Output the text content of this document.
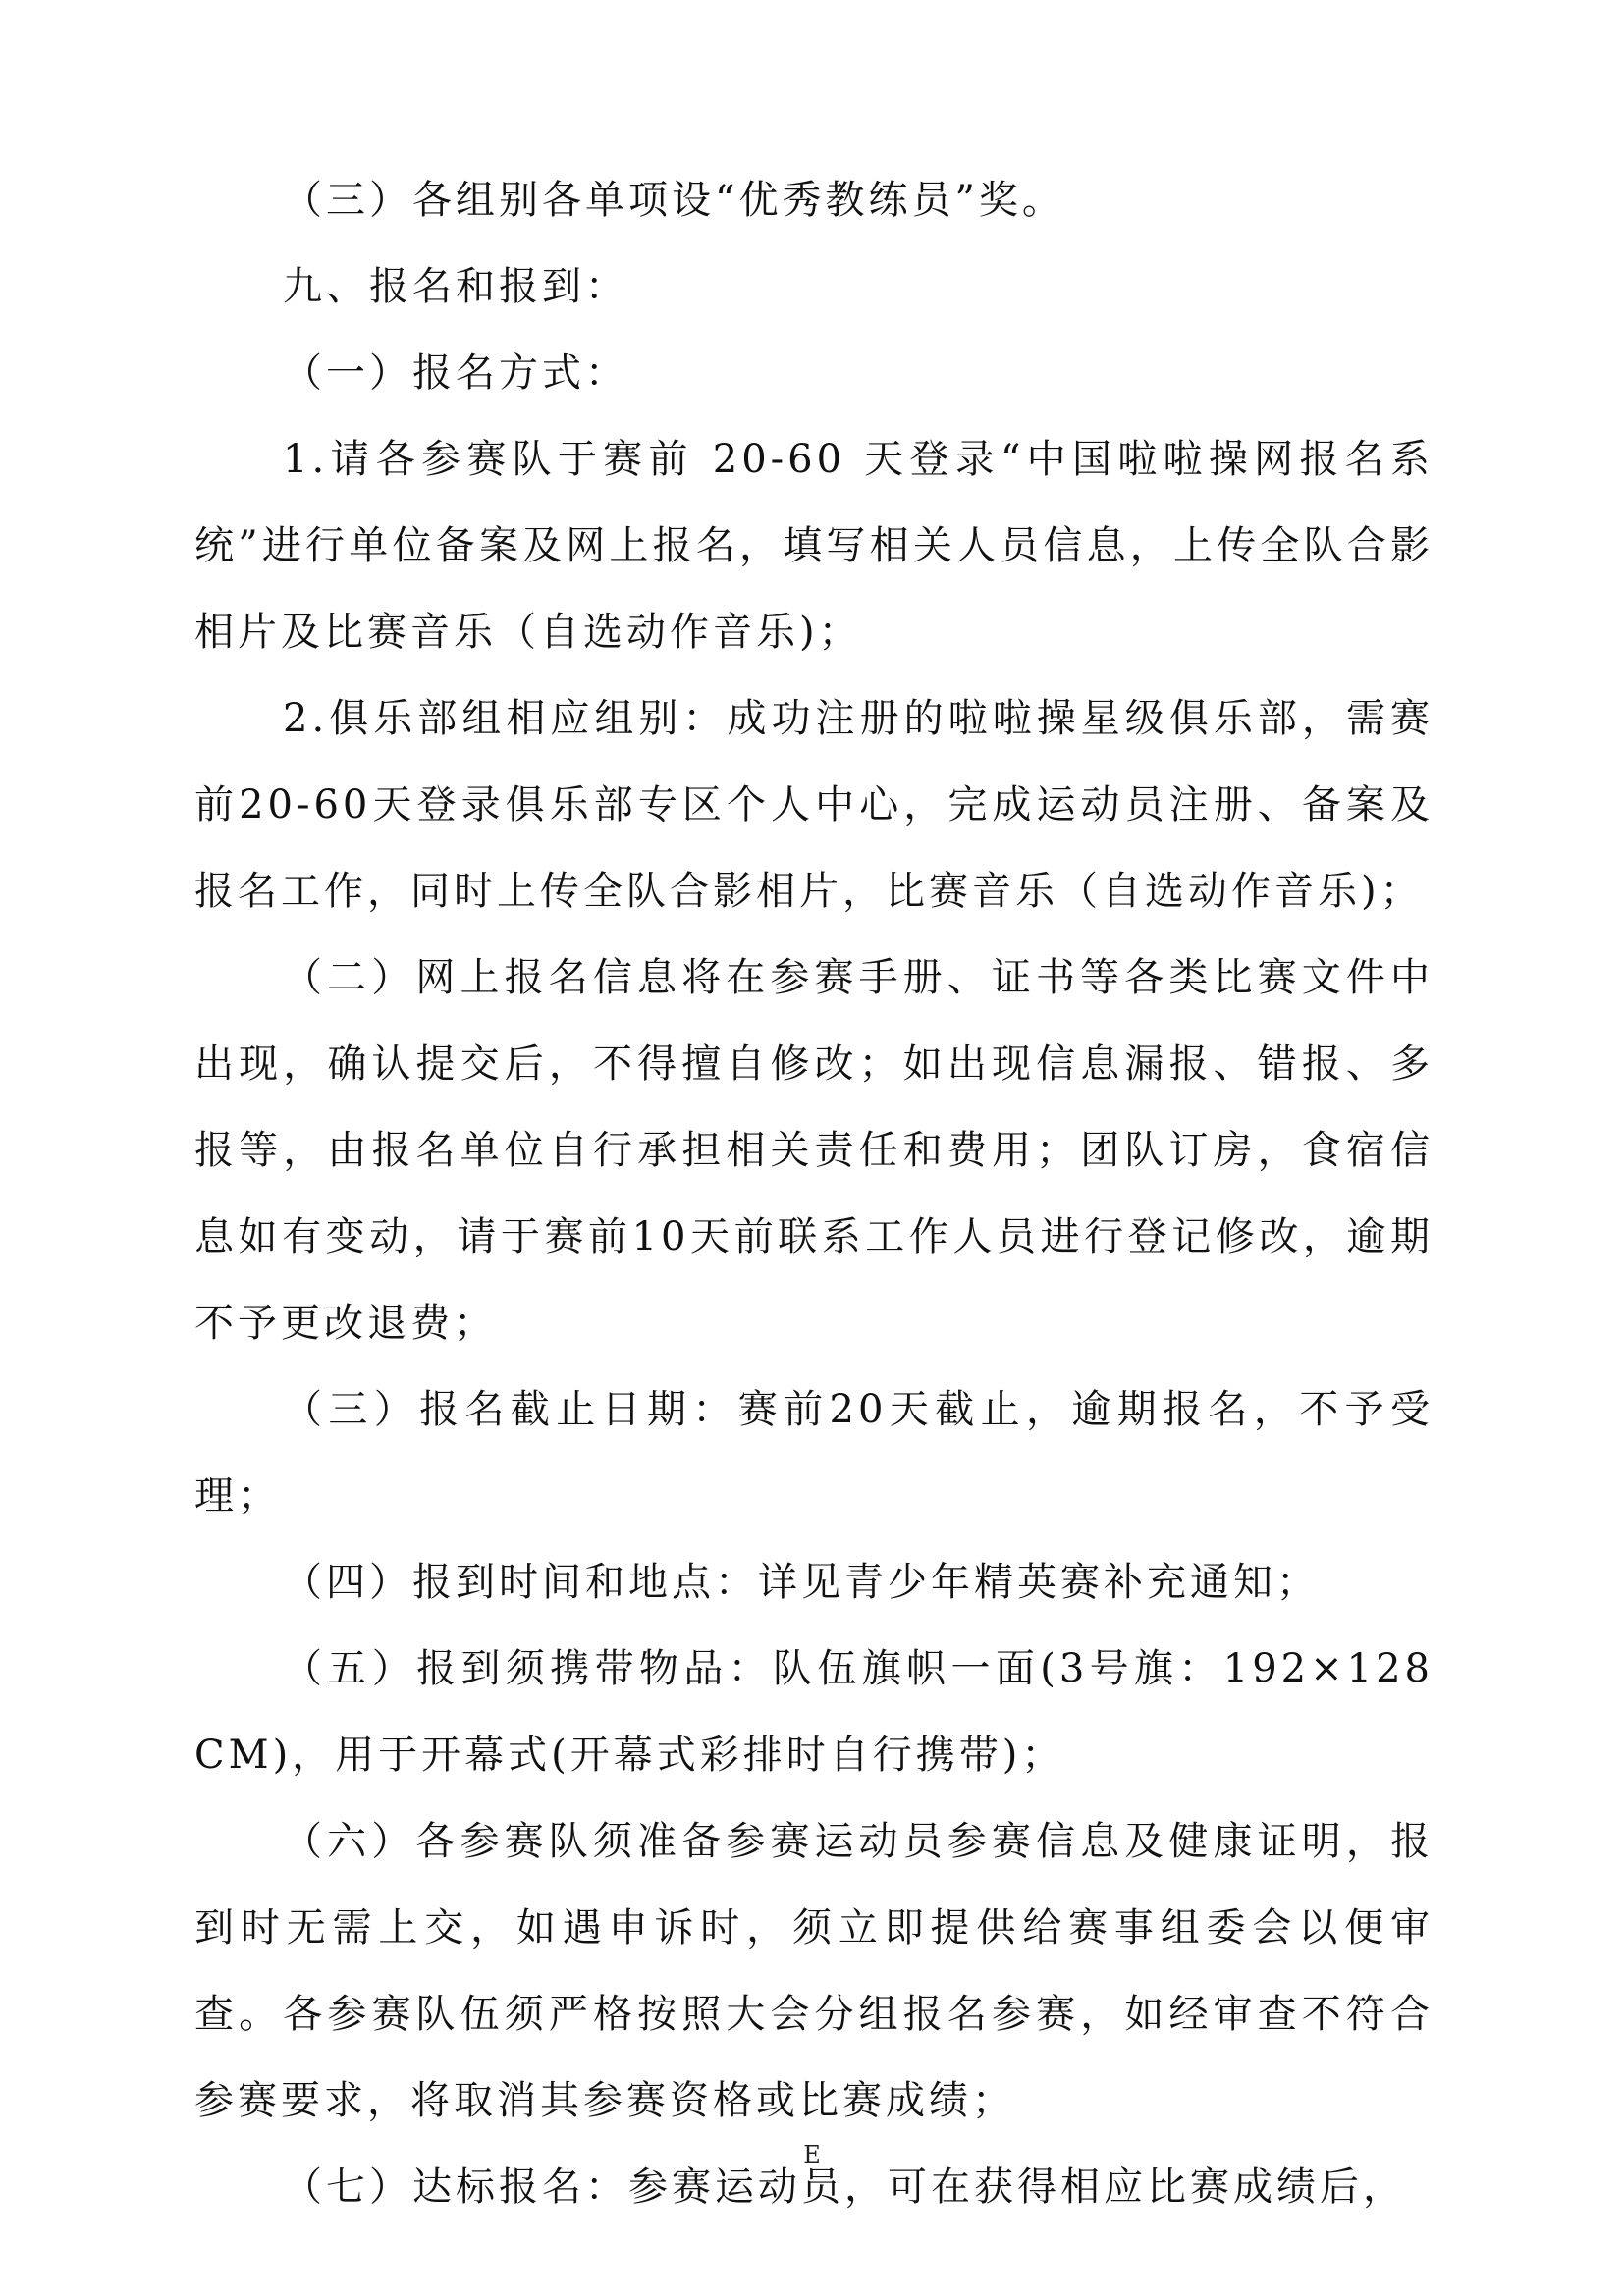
（三）各组别各单项设“优秀教练员”奖。

九、报名和报到：

（一）报名方式：

1.请各参赛队于赛前 20-60 天登录“中国啦啦操网报名系统”进行单位备案及网上报名，填写相关人员信息，上传全队合影相片及比赛音乐（自选动作音乐)；

2.俱乐部组相应组别：成功注册的啦啦操星级俱乐部，需赛前20-60天登录俱乐部专区个人中心，完成运动员注册、备案及报名工作，同时上传全队合影相片，比赛音乐（自选动作音乐)；

（二）网上报名信息将在参赛手册、证书等各类比赛文件中出现，确认提交后，不得擅自修改；如出现信息漏报、错报、多报等，由报名单位自行承担相关责任和费用；团队订房，食宿信息如有变动，请于赛前10天前联系工作人员进行登记修改，逾期不予更改退费；

（三）报名截止日期：赛前20天截止，逾期报名，不予受理；

（四）报到时间和地点：详见青少年精英赛补充通知；

（五）报到须携带物品：队伍旗帜一面(3号旗：192×128CM)，用于开幕式(开幕式彩排时自行携带)；

（六）各参赛队须准备参赛运动员参赛信息及健康证明，报到时无需上交，如遇申诉时，须立即提供给赛事组委会以便审查。各参赛队伍须严格按照大会分组报名参赛，如经审查不符合参赛要求，将取消其参赛资格或比赛成绩；

（七）达标报名：参赛运动员，可在获得相应比赛成绩后，

E
